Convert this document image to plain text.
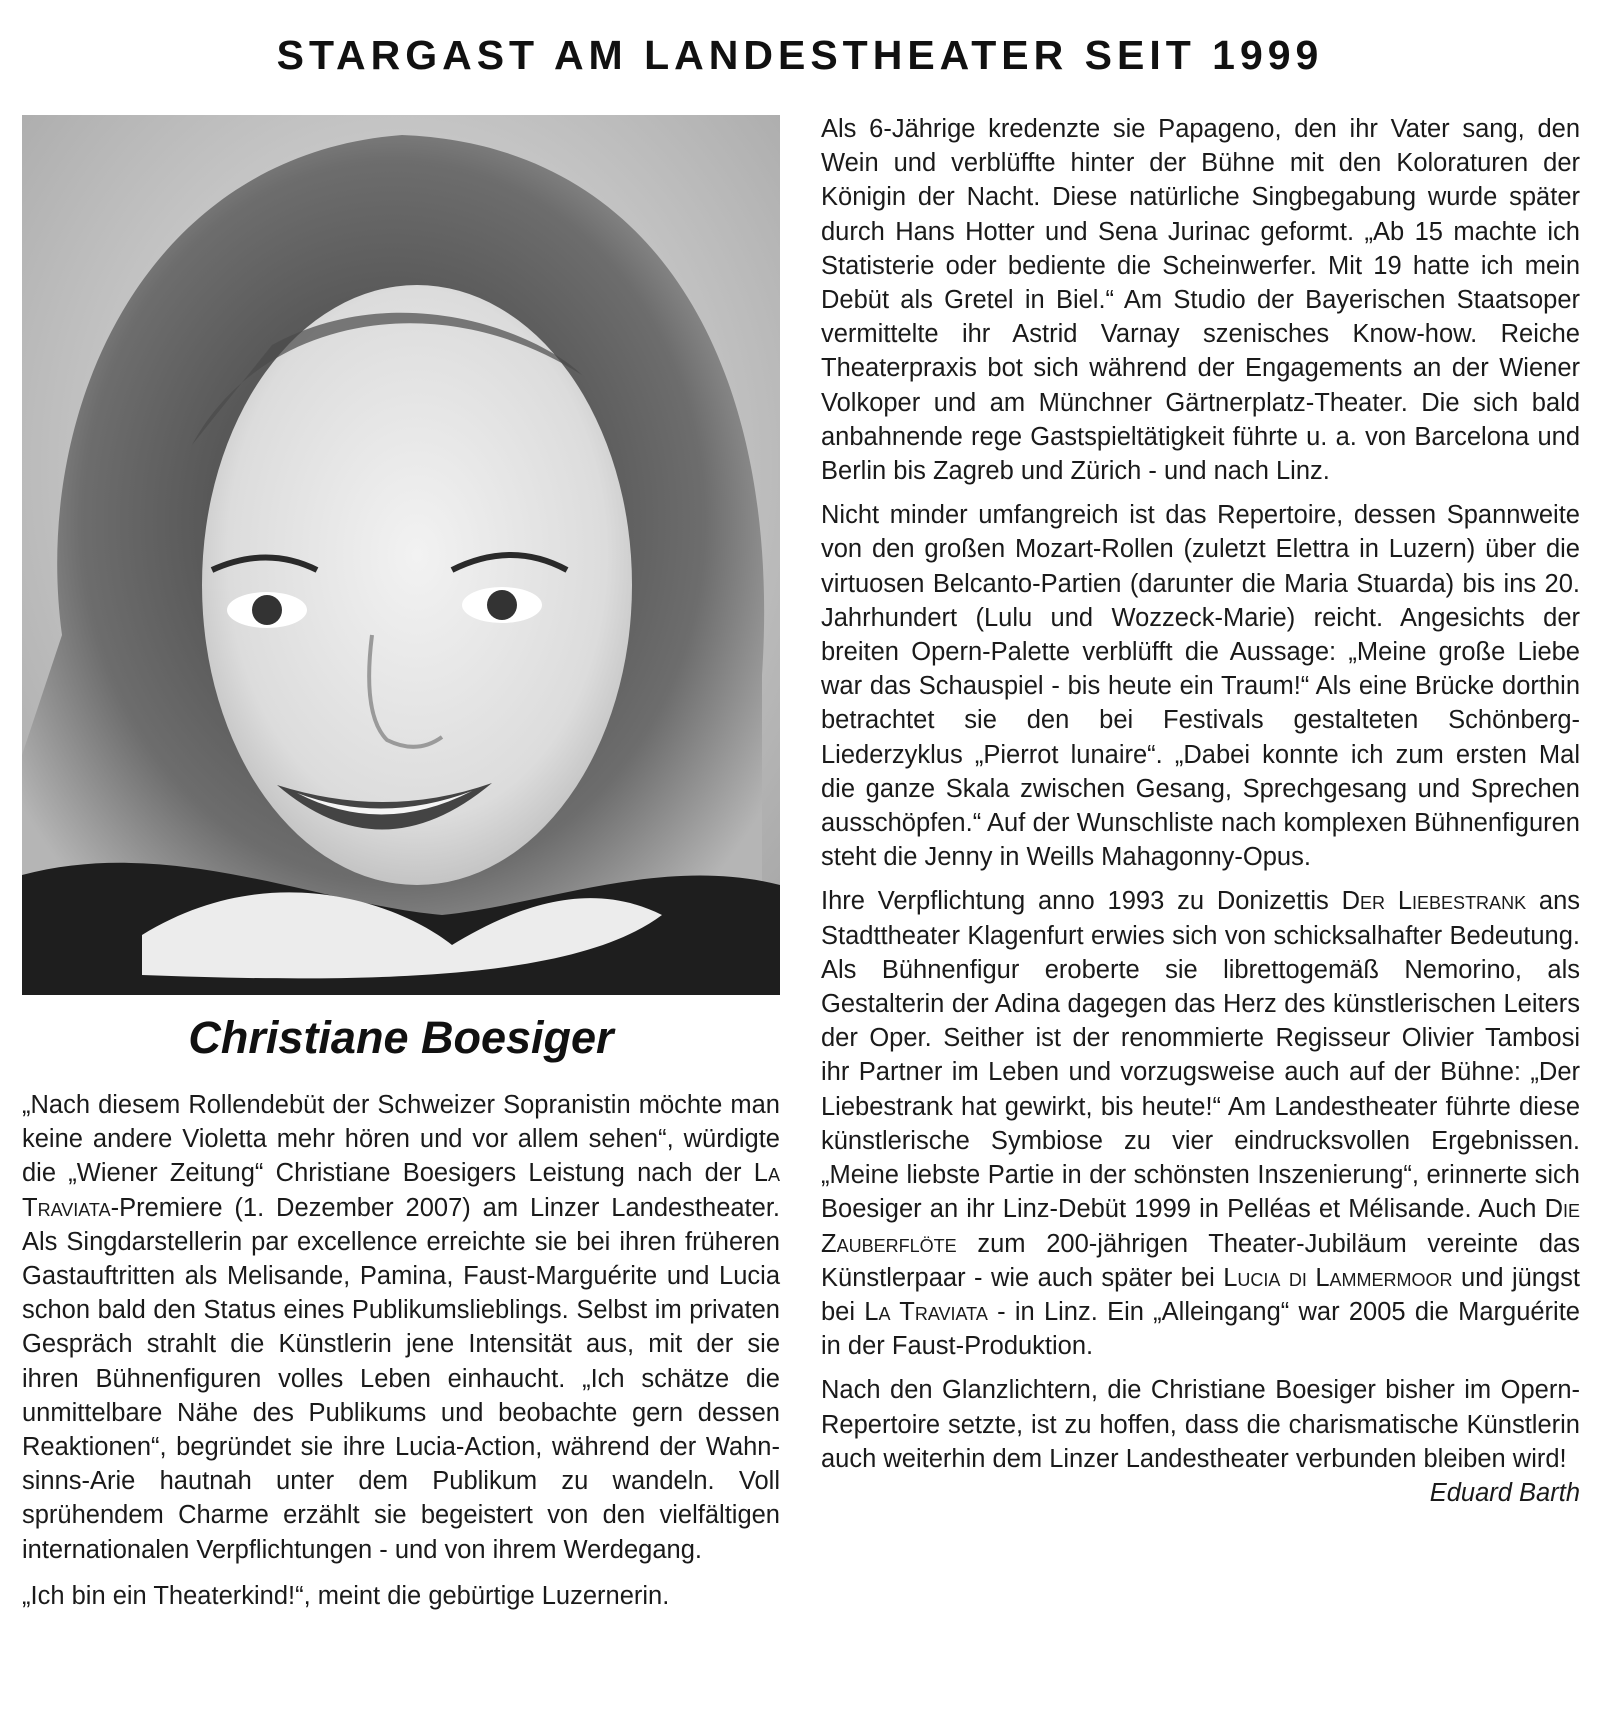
STARGAST AM LANDESTHEATER SEIT 1999
Christiane Boesiger

„Nach diesem Rollendebüt der Schweizer Sopranistin möchte man keine andere Violetta mehr hören und vor allem sehen“, würdigte die „Wiener Zeitung“ Christiane Boesigers Leistung nach der La Traviata-Premiere (1. Dezember 2007) am Linzer Landestheater. Als Singdarstellerin par excellence erreichte sie bei ihren früheren Gastauftritten als Melisande, Pamina, Faust-Marguérite und Lucia schon bald den Status eines Publikumslieblings. Selbst im privaten Gespräch strahlt die Künstlerin jene Intensität aus, mit der sie ihren Bühnenfiguren volles Leben einhaucht. „Ich schätze die unmittelbare Nähe des Publikums und beobachte gern dessen Reaktionen“, begründet sie ihre Lucia-Action, während der Wahnsinns-Arie hautnah unter dem Publikum zu wandeln. Voll sprühendem Charme erzählt sie begeistert von den vielfältigen internationalen Verpflichtungen - und von ihrem Werdegang.

„Ich bin ein Theaterkind!“, meint die gebürtige Luzernerin.

Als 6-Jährige kredenzte sie Papageno, den ihr Vater sang, den Wein und verblüffte hinter der Bühne mit den Koloraturen der Königin der Nacht. Diese natürliche Singbegabung wurde später durch Hans Hotter und Sena Jurinac geformt. „Ab 15 machte ich Statisterie oder bediente die Scheinwerfer. Mit 19 hatte ich mein Debüt als Gretel in Biel.“ Am Studio der Bayerischen Staatsoper vermittelte ihr Astrid Varnay szenisches Know-how. Reiche Theaterpraxis bot sich während der Engagements an der Wiener Volkoper und am Münchner Gärtnerplatz-Theater. Die sich bald anbahnende rege Gastspieltätigkeit führte u. a. von Barcelona und Berlin bis Zagreb und Zürich - und nach Linz.

Nicht minder umfangreich ist das Repertoire, dessen Spannweite von den großen Mozart-Rollen (zuletzt Elettra in Luzern) über die virtuosen Belcanto-Partien (darunter die Maria Stuarda) bis ins 20. Jahrhundert (Lulu und Wozzeck-Marie) reicht. Angesichts der breiten Opern-Palette verblüfft die Aussage: „Meine große Liebe war das Schauspiel - bis heute ein Traum!“ Als eine Brücke dorthin betrachtet sie den bei Festivals gestalteten Schönberg-Liederzyklus „Pierrot lunaire“. „Dabei konnte ich zum ersten Mal die ganze Skala zwischen Gesang, Sprechgesang und Sprechen ausschöpfen.“ Auf der Wunschliste nach komplexen Bühnenfiguren steht die Jenny in Weills Mahagonny-Opus.

Ihre Verpflichtung anno 1993 zu Donizettis Der Liebestrank ans Stadttheater Klagenfurt erwies sich von schicksalhafter Bedeutung. Als Bühnenfigur eroberte sie librettogemäß Nemorino, als Gestalterin der Adina dagegen das Herz des künstlerischen Leiters der Oper. Seither ist der renommierte Regisseur Olivier Tambosi ihr Partner im Leben und vorzugsweise auch auf der Bühne: „Der Liebestrank hat gewirkt, bis heute!“ Am Landestheater führte diese künstlerische Symbiose zu vier eindrucksvollen Ergebnissen. „Meine liebste Partie in der schönsten Inszenierung“, erinnerte sich Boesiger an ihr Linz-Debüt 1999 in Pelléas et Mélisande. Auch Die Zauberflöte zum 200-jährigen Theater-Jubiläum vereinte das Künstlerpaar - wie auch später bei Lucia di Lammermoor und jüngst bei La Traviata - in Linz. Ein „Alleingang“ war 2005 die Marguérite in der Faust-Produktion.

Nach den Glanzlichtern, die Christiane Boesiger bisher im Opern-Repertoire setzte, ist zu hoffen, dass die charismatische Künstlerin auch weiterhin dem Linzer Landestheater verbunden bleiben wird!
Eduard Barth
